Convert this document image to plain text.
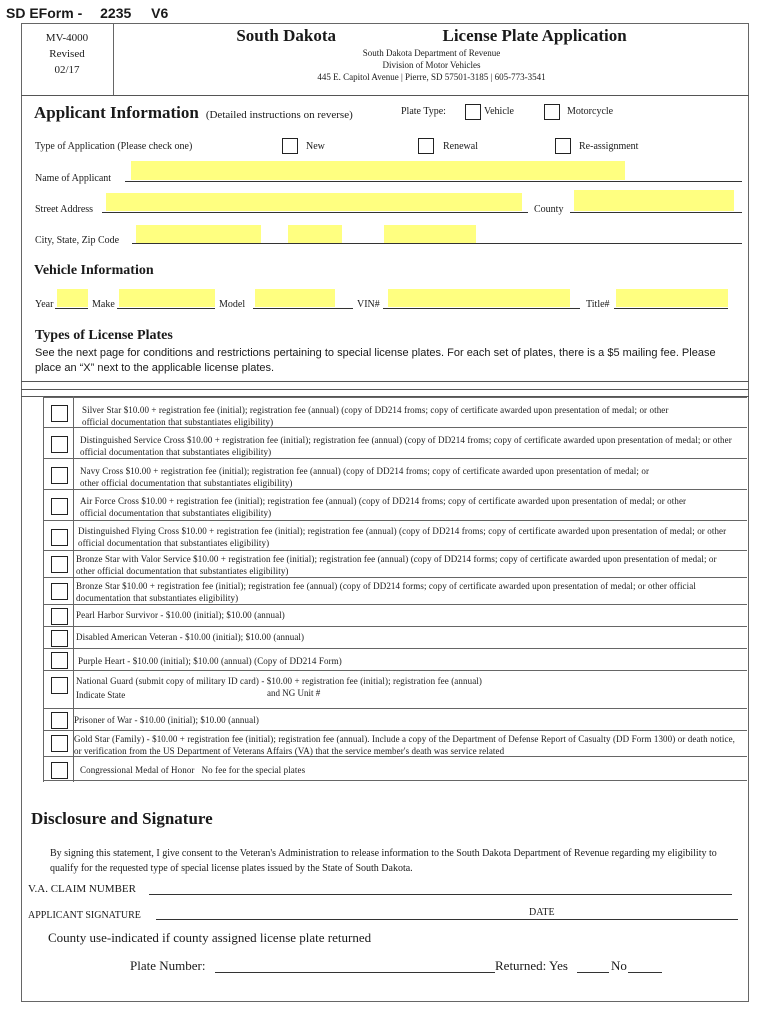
SD EForm - 2235 V6
MV-4000
Revised
02/17
South Dakota	License Plate Application
South Dakota Department of Revenue
Division of Motor Vehicles
445 E. Capitol Avenue | Pierre, SD 57501-3185 | 605-773-3541
Applicant Information (Detailed instructions on reverse)	Plate Type:	Vehicle	Motorcycle
Type of Application (Please check one)	New	Renewal	Re-assignment
Name of Applicant
Street Address	County
City, State, Zip Code
Vehicle Information
Year	Make	Model	VIN#	Title#
Types of License Plates
See the next page for conditions and restrictions pertaining to special license plates. For each set of plates, there is a $5 mailing fee. Please place an “X” next to the applicable license plates.
Silver Star $10.00 + registration fee (initial); registration fee (annual) (copy of DD214 froms; copy of certificate awarded upon presentation of medal; or other official documentation that substantiates eligibility)
Distinguished Service Cross $10.00 + registration fee (initial); registration fee (annual) (copy of DD214 froms; copy of certificate awarded upon presentation of medal; or other official documentation that substantiates eligibility)
Navy Cross $10.00 + registration fee (initial); registration fee (annual) (copy of DD214 froms; copy of certificate awarded upon presentation of medal; or other official documentation that substantiates eligibility)
Air Force Cross $10.00 + registration fee (initial); registration fee (annual) (copy of DD214 froms; copy of certificate awarded upon presentation of medal; or other official documentation that substantiates eligibility)
Distinguished Flying Cross $10.00 + registration fee (initial); registration fee (annual) (copy of DD214 froms; copy of certificate awarded upon presentation of medal; or other official documentation that substantiates eligibility)
Bronze Star with Valor Service $10.00 + registration fee (initial); registration fee (annual) (copy of DD214 forms; copy of certificate awarded upon presentation of medal; or other official documentation that substantiates eligibility)
Bronze Star $10.00 + registration fee (initial); registration fee (annual) (copy of DD214 forms; copy of certificate awarded upon presentation of medal; or other official documentation that substantiates eligibility)
Pearl Harbor Survivor - $10.00 (initial); $10.00 (annual)
Disabled American Veteran - $10.00 (initial); $10.00 (annual)
Purple Heart - $10.00 (initial); $10.00 (annual) (Copy of DD214 Form)
National Guard (submit copy of military ID card) - $10.00 + registration fee (initial); registration fee (annual)
Indicate State	and NG Unit #
Prisoner of War - $10.00 (initial); $10.00 (annual)
Gold Star (Family) - $10.00 + registration fee (initial); registration fee (annual). Include a copy of the Department of Defense Report of Casualty (DD Form 1300) or death notice, or verification from the US Department of Veterans Affairs (VA) that the service member's death was service related
Congressional Medal of Honor   No fee for the special plates
Disclosure and Signature
By signing this statement, I give consent to the Veteran's Administration to release information to the South Dakota Department of Revenue regarding my eligibility to qualify for the requested type of special license plates issued by the State of South Dakota.
V.A. CLAIM NUMBER
APPLICANT SIGNATURE	DATE
County use-indicated if county assigned license plate returned
Plate Number:	Returned: Yes	No
